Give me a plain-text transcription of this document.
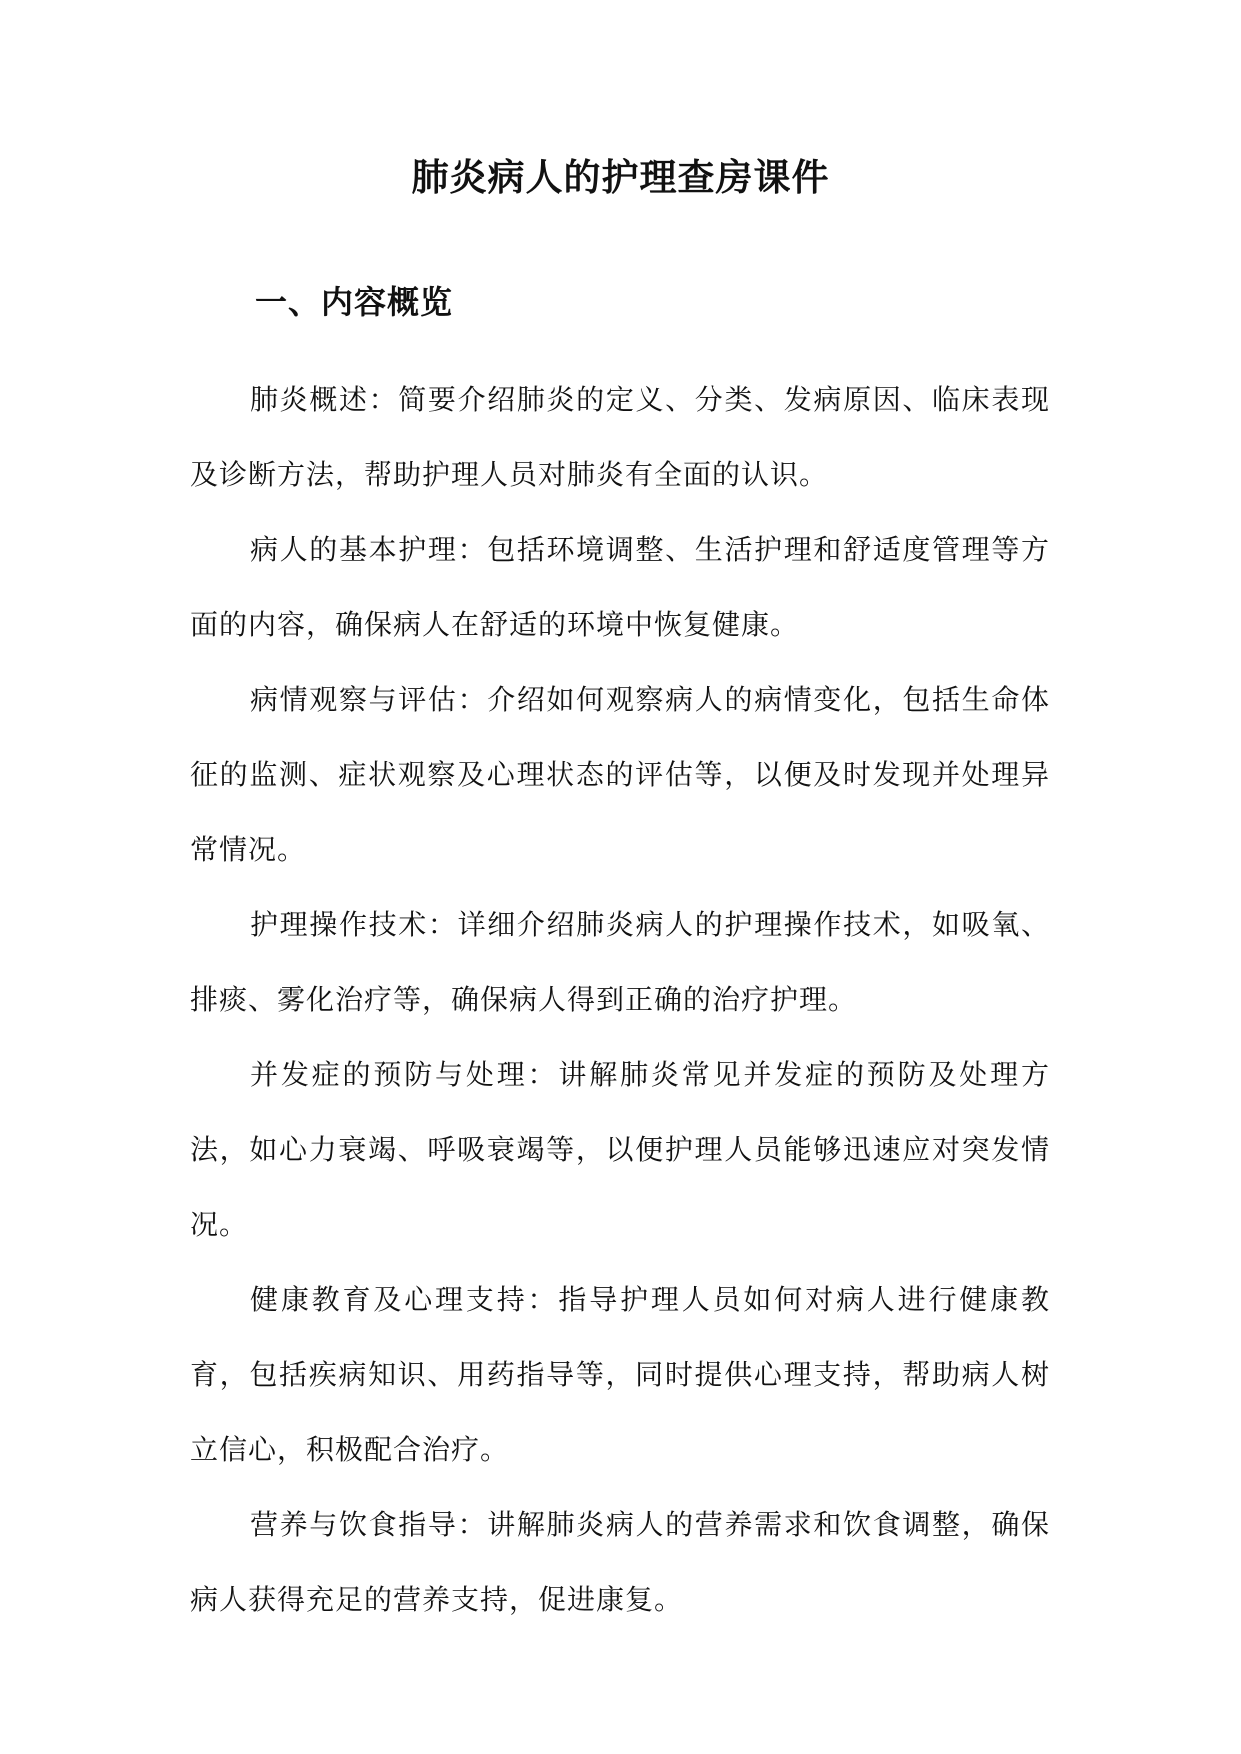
肺炎病人的护理查房课件
一、内容概览

肺炎概述：简要介绍肺炎的定义、分类、发病原因、临床表现及诊断方法，帮助护理人员对肺炎有全面的认识。

病人的基本护理：包括环境调整、生活护理和舒适度管理等方面的内容，确保病人在舒适的环境中恢复健康。

病情观察与评估：介绍如何观察病人的病情变化，包括生命体征的监测、症状观察及心理状态的评估等，以便及时发现并处理异常情况。

护理操作技术：详细介绍肺炎病人的护理操作技术，如吸氧、排痰、雾化治疗等，确保病人得到正确的治疗护理。

并发症的预防与处理：讲解肺炎常见并发症的预防及处理方法，如心力衰竭、呼吸衰竭等，以便护理人员能够迅速应对突发情况。

健康教育及心理支持：指导护理人员如何对病人进行健康教育，包括疾病知识、用药指导等，同时提供心理支持，帮助病人树立信心，积极配合治疗。

营养与饮食指导：讲解肺炎病人的营养需求和饮食调整，确保病人获得充足的营养支持，促进康复。
